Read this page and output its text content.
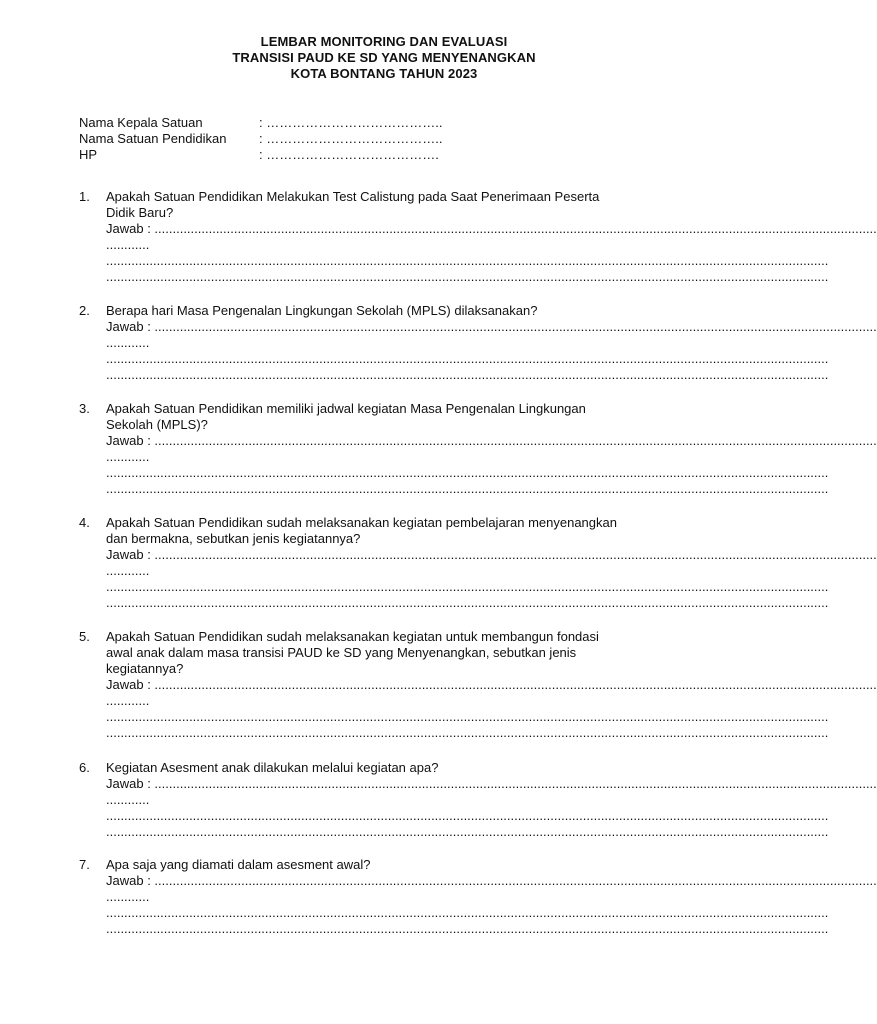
LEMBAR MONITORING DAN EVALUASI
TRANSISI PAUD KE SD YANG MENYENANGKAN
KOTA BONTANG TAHUN 2023
Nama Kepala Satuan	: …………………………………..
Nama Satuan Pendidikan	: …………………………………..
HP	: ………………………………….
1. Apakah Satuan Pendidikan Melakukan Test Calistung pada Saat Penerimaan Peserta
Didik Baru?
Jawab : ........................................................................................................................................................................................................
............
........................................................................................................................................................................................................
........................................................................................................................................................................................................
2. Berapa hari Masa Pengenalan Lingkungan Sekolah (MPLS) dilaksanakan?
Jawab : ........................................................................................................................................................................................................
............
........................................................................................................................................................................................................
........................................................................................................................................................................................................
3. Apakah Satuan Pendidikan memiliki jadwal kegiatan Masa Pengenalan Lingkungan
Sekolah (MPLS)?
Jawab : ........................................................................................................................................................................................................
............
........................................................................................................................................................................................................
........................................................................................................................................................................................................
4. Apakah Satuan Pendidikan sudah melaksanakan kegiatan pembelajaran menyenangkan
dan bermakna, sebutkan jenis kegiatannya?
Jawab : ........................................................................................................................................................................................................
............
........................................................................................................................................................................................................
........................................................................................................................................................................................................
5. Apakah Satuan Pendidikan sudah melaksanakan kegiatan untuk membangun fondasi
awal anak dalam masa transisi PAUD ke SD yang Menyenangkan, sebutkan jenis
kegiatannya?
Jawab : ........................................................................................................................................................................................................
............
........................................................................................................................................................................................................
........................................................................................................................................................................................................
6. Kegiatan Asesment anak dilakukan melalui kegiatan apa?
Jawab : ........................................................................................................................................................................................................
............
........................................................................................................................................................................................................
........................................................................................................................................................................................................
7. Apa saja yang diamati dalam asesment awal?
Jawab : ........................................................................................................................................................................................................
............
........................................................................................................................................................................................................
........................................................................................................................................................................................................
